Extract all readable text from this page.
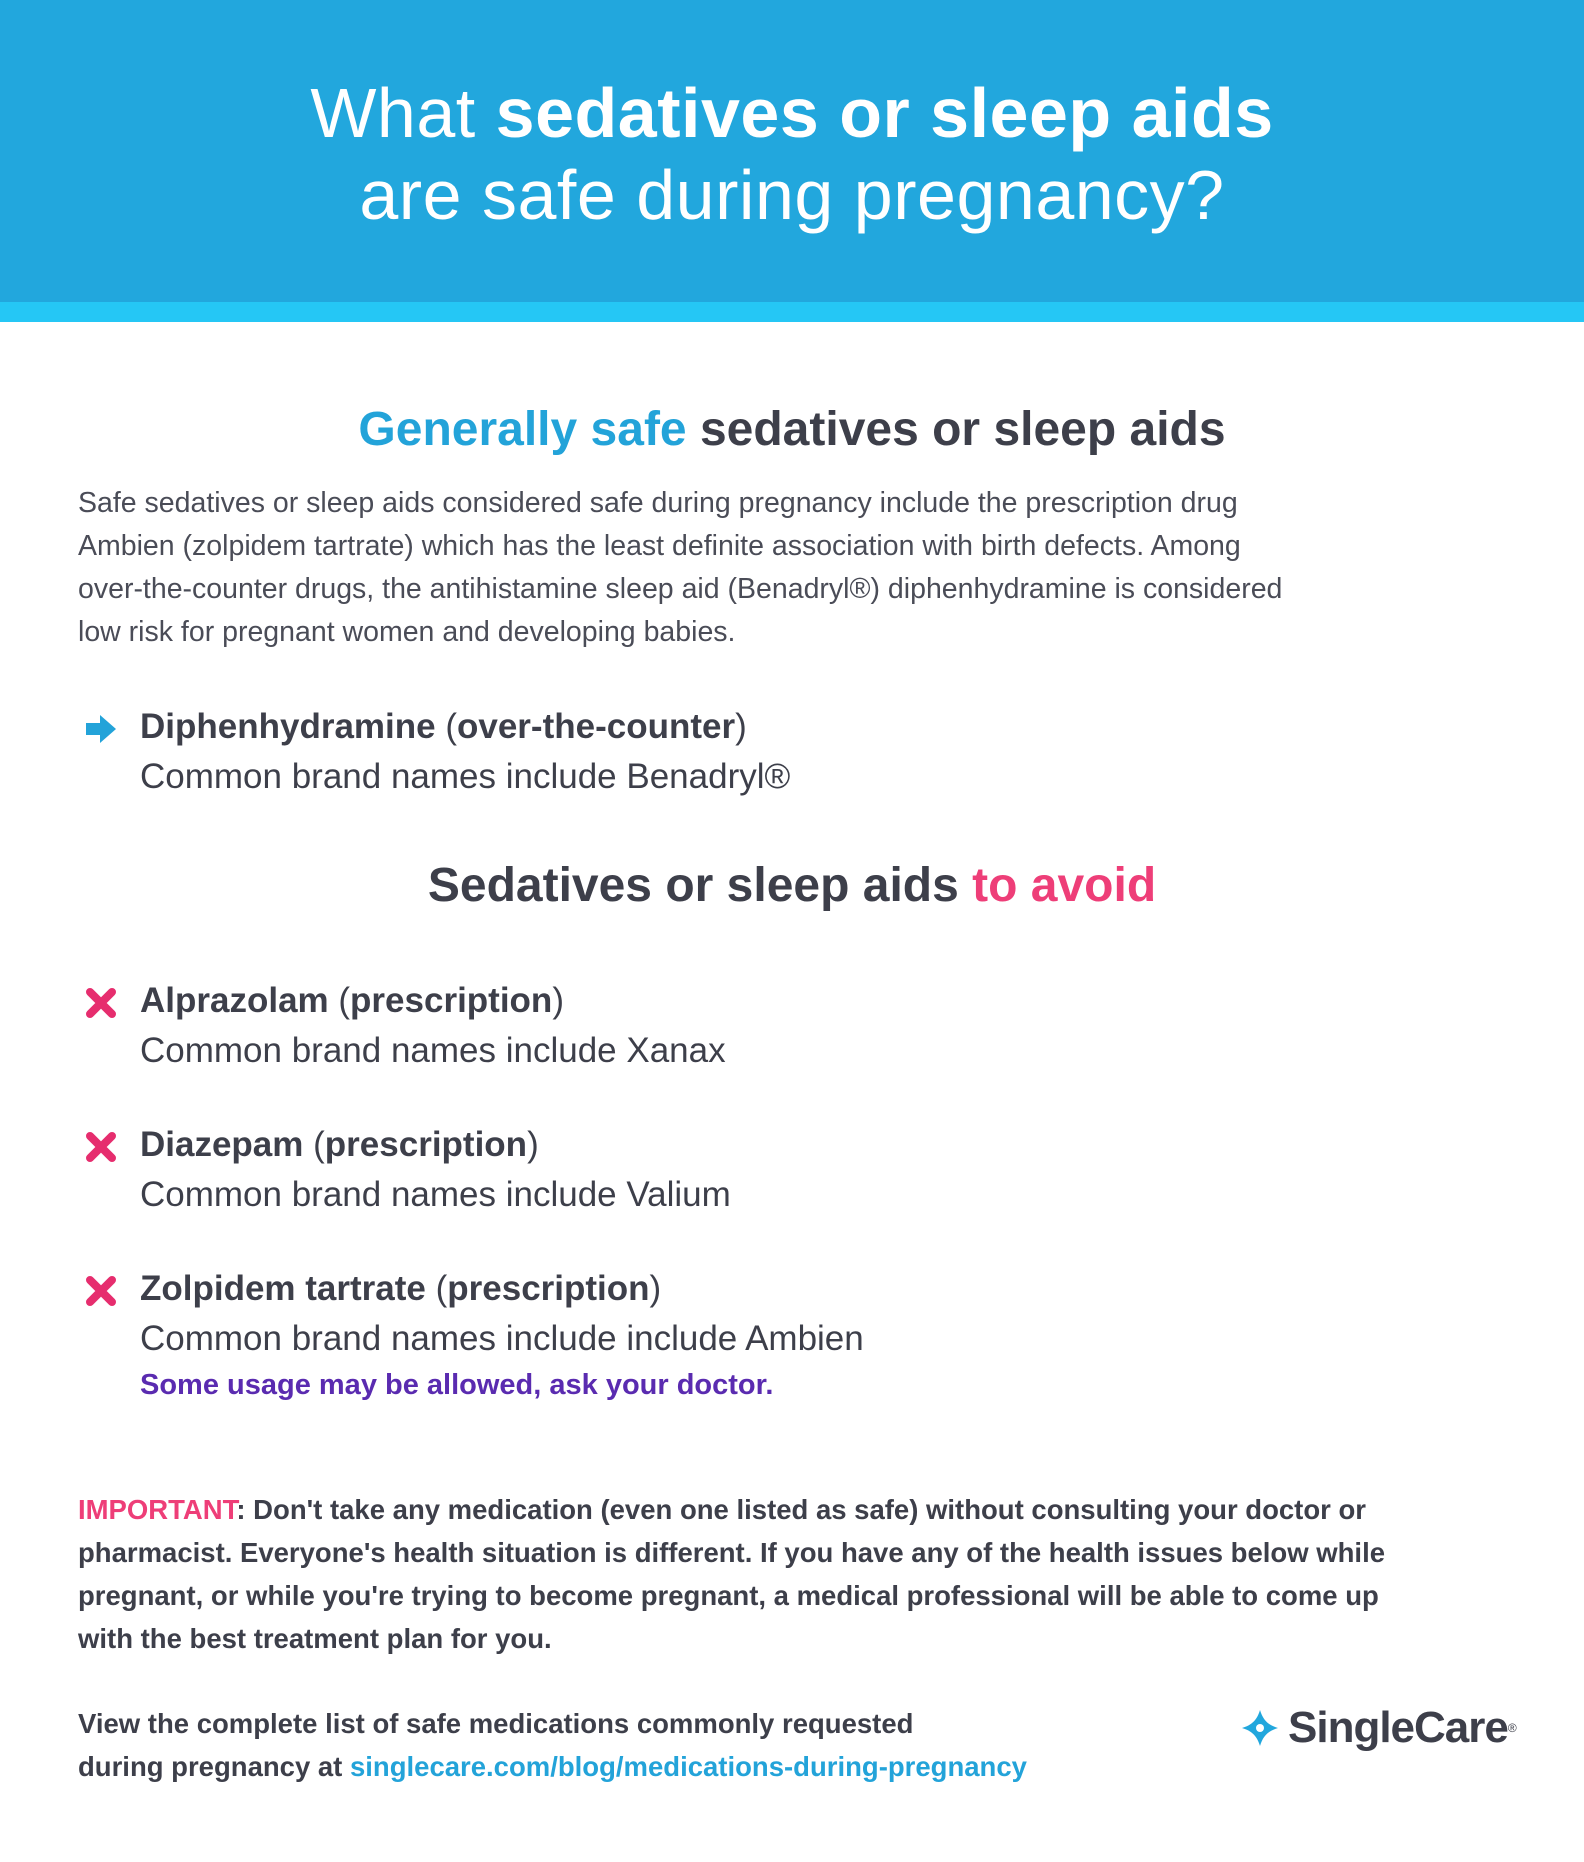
What sedatives or sleep aids
are safe during pregnancy?
Generally safe sedatives or sleep aids
Safe sedatives or sleep aids considered safe during pregnancy include the prescription drug
Ambien (zolpidem tartrate) which has the least definite association with birth defects. Among
over-the-counter drugs, the antihistamine sleep aid (Benadryl®) diphenhydramine is considered
low risk for pregnant women and developing babies.
Diphenhydramine (over-the-counter)
Common brand names include Benadryl®
Sedatives or sleep aids to avoid
Alprazolam (prescription)
Common brand names include Xanax
Diazepam (prescription)
Common brand names include Valium
Zolpidem tartrate (prescription)
Common brand names include include Ambien
Some usage may be allowed, ask your doctor.
IMPORTANT: Don't take any medication (even one listed as safe) without consulting your doctor or
pharmacist. Everyone's health situation is different. If you have any of the health issues below while
pregnant, or while you're trying to become pregnant, a medical professional will be able to come up
with the best treatment plan for you.
View the complete list of safe medications commonly requested
during pregnancy at singlecare.com/blog/medications-during-pregnancy
SingleCare®
